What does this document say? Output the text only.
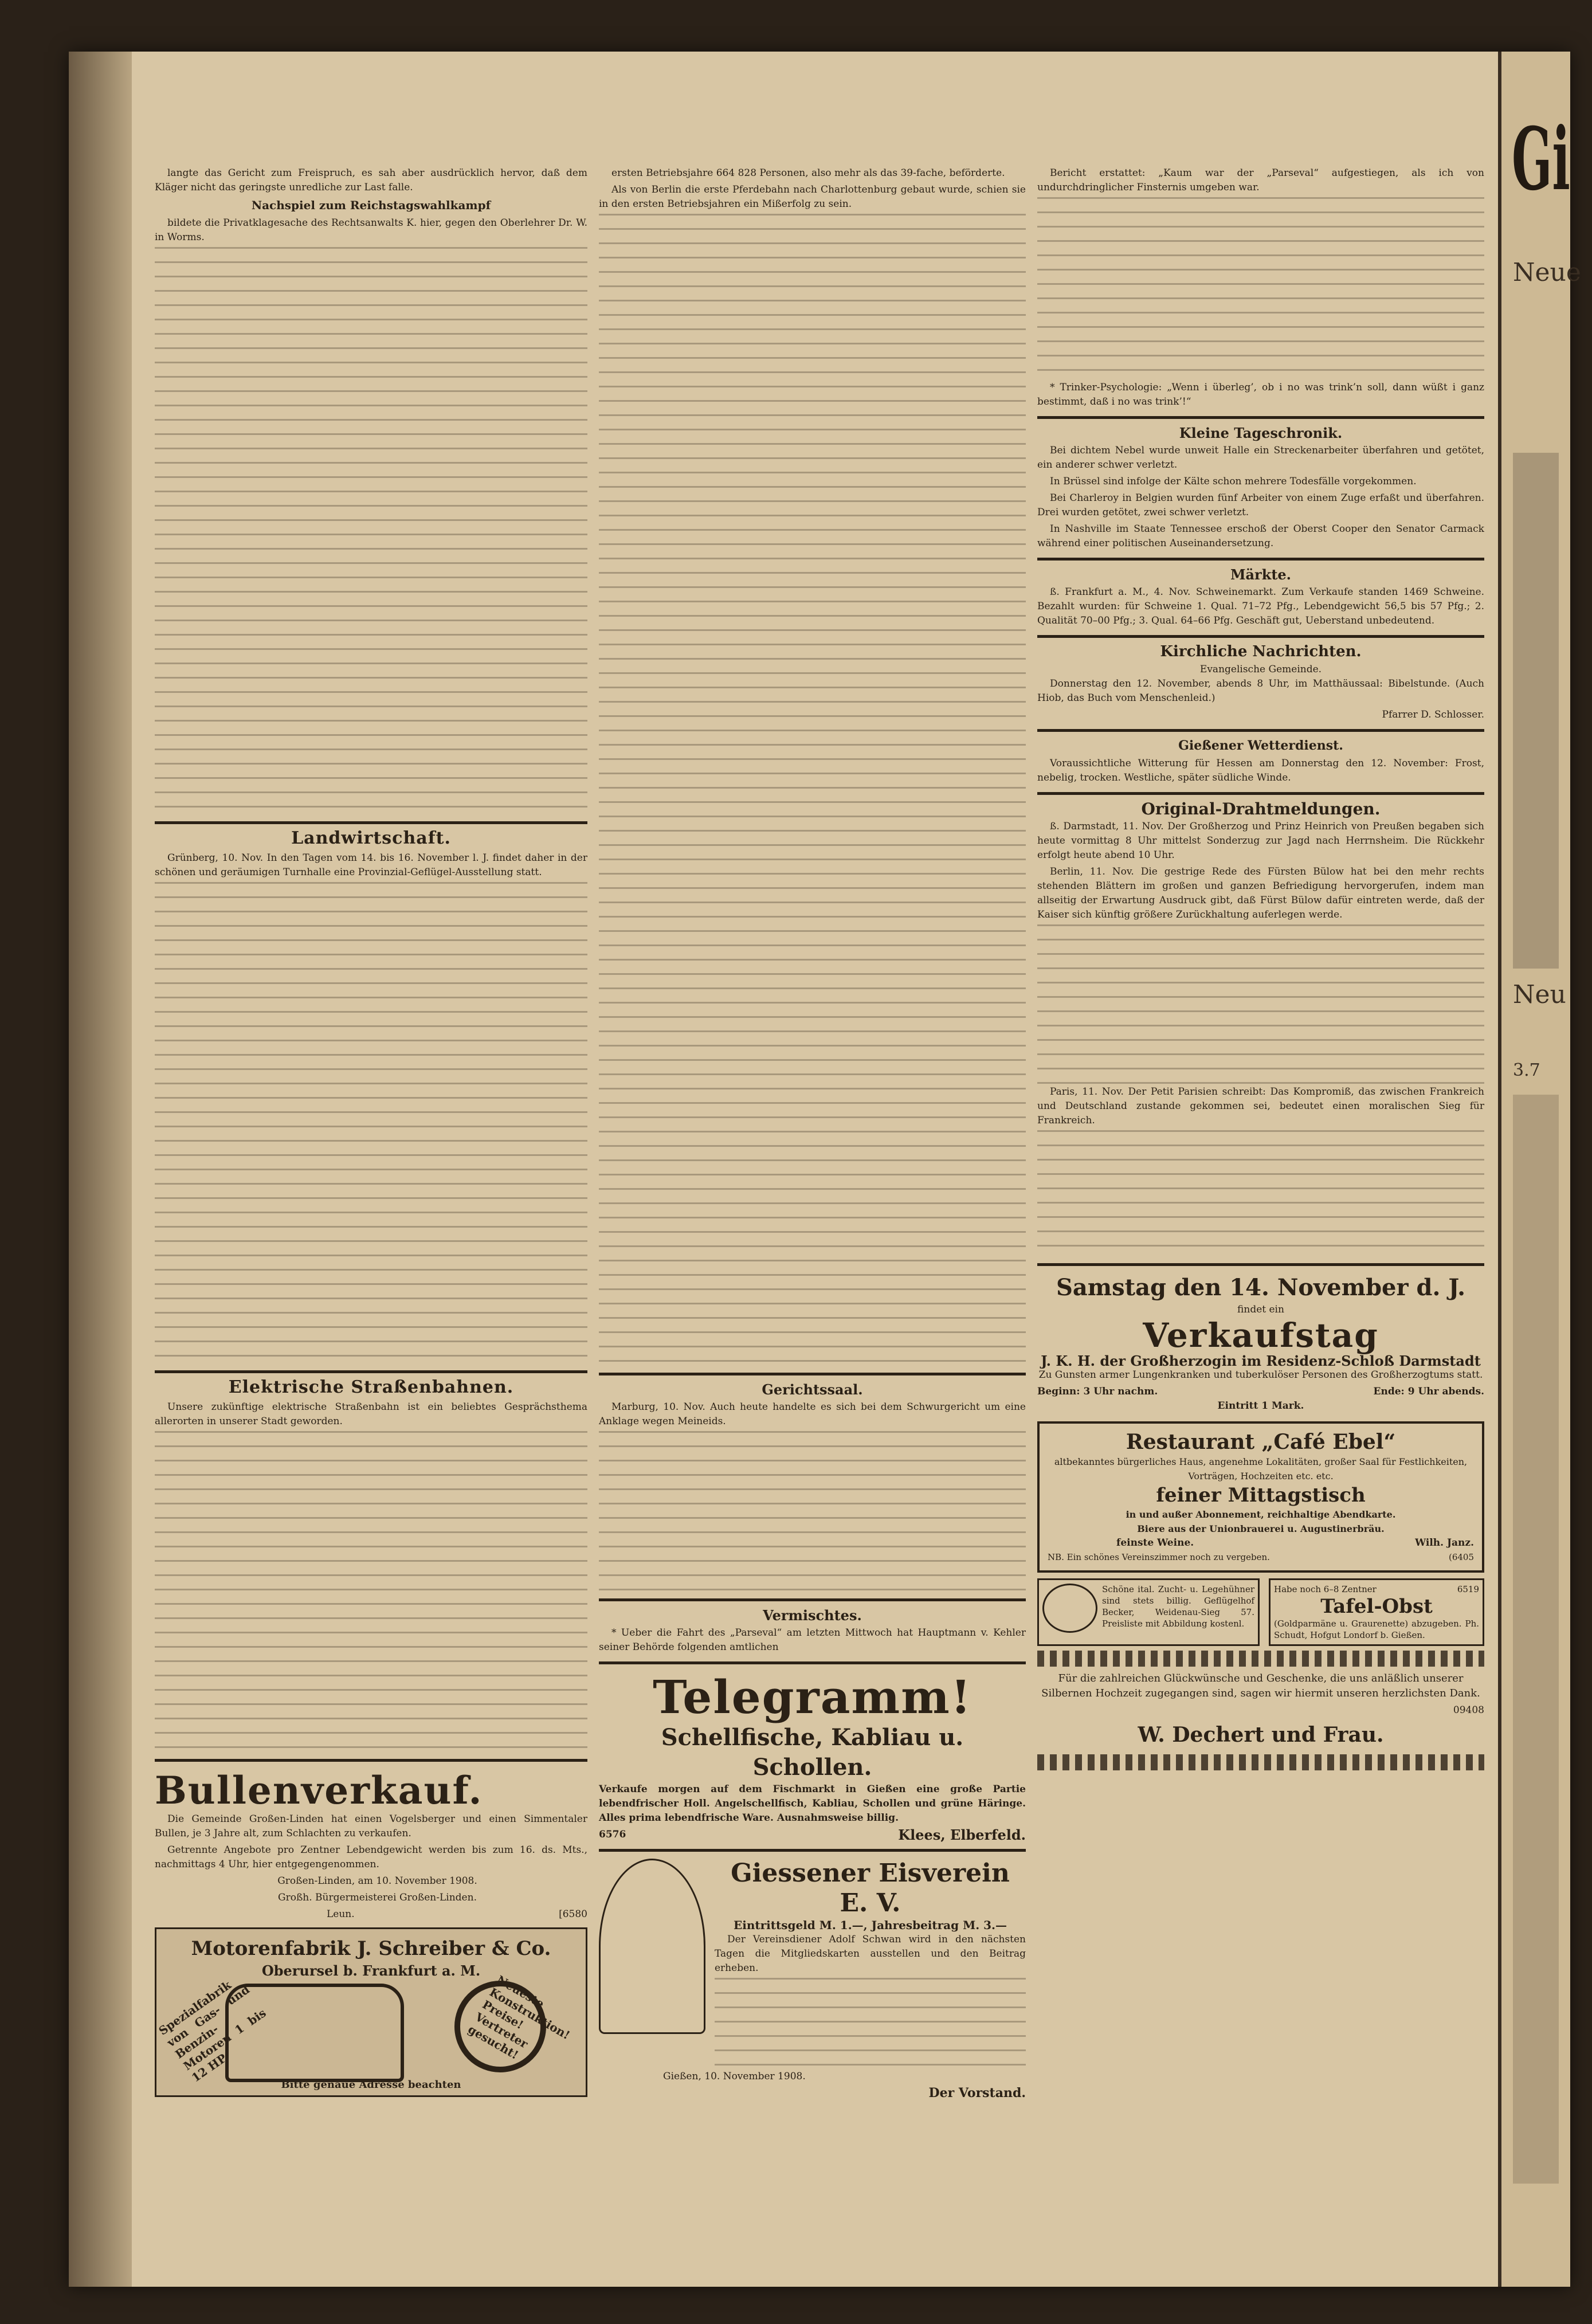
langte das Gericht zum Freispruch, es sah aber ausdrücklich hervor, daß dem Kläger nicht das geringste unredliche zur Last falle.

Nachspiel zum Reichstagswahlkampf

bildete die Privatklagesache des Rechtsanwalts K. hier, gegen den Oberlehrer Dr. W. in Worms.

Landwirtschaft.

Grünberg, 10. Nov. In den Tagen vom 14. bis 16. November l. J. findet daher in der schönen und geräumigen Turnhalle eine Provinzial-Geflügel-Ausstellung statt.

Elektrische Straßenbahnen.

Unsere zukünftige elektrische Straßenbahn ist ein beliebtes Gesprächsthema allerorten in unserer Stadt geworden.

Bullenverkauf.

Die Gemeinde Großen-Linden hat einen Vogelsberger und einen Simmentaler Bullen, je 3 Jahre alt, zum Schlachten zu verkaufen.

Getrennte Angebote pro Zentner Lebendgewicht werden bis zum 16. ds. Mts., nachmittags 4 Uhr, hier entgegengenommen.

Großen-Linden, am 10. November 1908.

Großh. Bürgermeisterei Großen-Linden.

Leun.	[6580
Motorenfabrik J. Schreiber & Co.
Oberursel b. Frankfurt a. M.
Spezialfabrik von Gas- und Benzin-Motoren 1 bis 12 HP.
Neueste Konstruktion! Preise! Vertreter gesucht!
Bitte genaue Adresse beachten

ersten Betriebsjahre 664 828 Personen, also mehr als das 39-fache, beförderte.

Als von Berlin die erste Pferdebahn nach Charlottenburg gebaut wurde, schien sie in den ersten Betriebsjahren ein Mißerfolg zu sein.

Gerichtssaal.

Marburg, 10. Nov. Auch heute handelte es sich bei dem Schwurgericht um eine Anklage wegen Meineids.

Vermischtes.

* Ueber die Fahrt des „Parseval“ am letzten Mittwoch hat Hauptmann v. Kehler seiner Behörde folgenden amtlichen

Telegramm!
Schellfische, Kabliau u. Schollen.

Verkaufe morgen auf dem Fischmarkt in Gießen eine große Partie lebendfrischer Holl. Angelschellfisch, Kabliau, Schollen und grüne Häringe. Alles prima lebendfrische Ware. Ausnahmsweise billig.

6576	Klees, Elberfeld.
Giessener Eisverein E. V.
Eintrittsgeld M. 1.—, Jahresbeitrag M. 3.—

Der Vereinsdiener Adolf Schwan wird in den nächsten Tagen die Mitgliedskarten ausstellen und den Beitrag erheben.

Gießen, 10. November 1908.

Der Vorstand.

Bericht erstattet: „Kaum war der „Parseval“ aufgestiegen, als ich von undurchdringlicher Finsternis umgeben war.

* Trinker-Psychologie: „Wenn i überleg’, ob i no was trink’n soll, dann wüßt i ganz bestimmt, daß i no was trink’!“

Kleine Tageschronik.

Bei dichtem Nebel wurde unweit Halle ein Streckenarbeiter überfahren und getötet, ein anderer schwer verletzt.

In Brüssel sind infolge der Kälte schon mehrere Todesfälle vorgekommen.

Bei Charleroy in Belgien wurden fünf Arbeiter von einem Zuge erfaßt und überfahren. Drei wurden getötet, zwei schwer verletzt.

In Nashville im Staate Tennessee erschoß der Oberst Cooper den Senator Carmack während einer politischen Auseinandersetzung.

Märkte.

ß. Frankfurt a. M., 4. Nov. Schweinemarkt. Zum Verkaufe standen 1469 Schweine. Bezahlt wurden: für Schweine 1. Qual. 71–72 Pfg., Lebendgewicht 56,5 bis 57 Pfg.; 2. Qualität 70–00 Pfg.; 3. Qual. 64–66 Pfg. Geschäft gut, Ueberstand unbedeutend.

Kirchliche Nachrichten.
Evangelische Gemeinde.

Donnerstag den 12. November, abends 8 Uhr, im Matthäussaal: Bibelstunde. (Auch Hiob, das Buch vom Menschenleid.)

Pfarrer D. Schlosser.

Gießener Wetterdienst.

Voraussichtliche Witterung für Hessen am Donnerstag den 12. November: Frost, nebelig, trocken. Westliche, später südliche Winde.

Original-Drahtmeldungen.

ß. Darmstadt, 11. Nov. Der Großherzog und Prinz Heinrich von Preußen begaben sich heute vormittag 8 Uhr mittelst Sonderzug zur Jagd nach Herrnsheim. Die Rückkehr erfolgt heute abend 10 Uhr.

Berlin, 11. Nov. Die gestrige Rede des Fürsten Bülow hat bei den mehr rechts stehenden Blättern im großen und ganzen Befriedigung hervorgerufen, indem man allseitig der Erwartung Ausdruck gibt, daß Fürst Bülow dafür eintreten werde, daß der Kaiser sich künftig größere Zurückhaltung auferlegen werde.

Paris, 11. Nov. Der Petit Parisien schreibt: Das Kompromiß, das zwischen Frankreich und Deutschland zustande gekommen sei, bedeutet einen moralischen Sieg für Frankreich.

Samstag den 14. November d. J.
findet ein
Verkaufstag
J. K. H. der Großherzogin im Residenz-Schloß Darmstadt

Zu Gunsten armer Lungenkranken und tuberkulöser Personen des Großherzogtums statt.

Beginn: 3 Uhr nachm.	Ende: 9 Uhr abends.
Eintritt 1 Mark.
Restaurant „Café Ebel“
altbekanntes bürgerliches Haus, angenehme Lokalitäten, großer Saal für Festlichkeiten, Vorträgen, Hochzeiten etc. etc.
feiner Mittagstisch
in und außer Abonnement, reichhaltige Abendkarte.
Biere aus der Unionbrauerei u. Augustinerbräu.
feinste Weine.	Wilh. Janz.
NB. Ein schönes Vereinszimmer noch zu vergeben.	(6405
Schöne ital. Zucht- u. Legehühner sind stets billig. Geflügelhof Becker, Weidenau-Sieg 57. Preisliste mit Abbildung kostenl.
Habe noch 6–8 Zentner	6519
Tafel-Obst
(Goldparmäne u. Graurenette) abzugeben. Ph. Schudt, Hofgut Londorf b. Gießen.

Für die zahlreichen Glückwünsche und Geschenke, die uns anläßlich unserer Silbernen Hochzeit zugegangen sind, sagen wir hiermit unseren herzlichsten Dank.

09408

W. Dechert und Frau.
Gi
Neue
Neu
3.7
